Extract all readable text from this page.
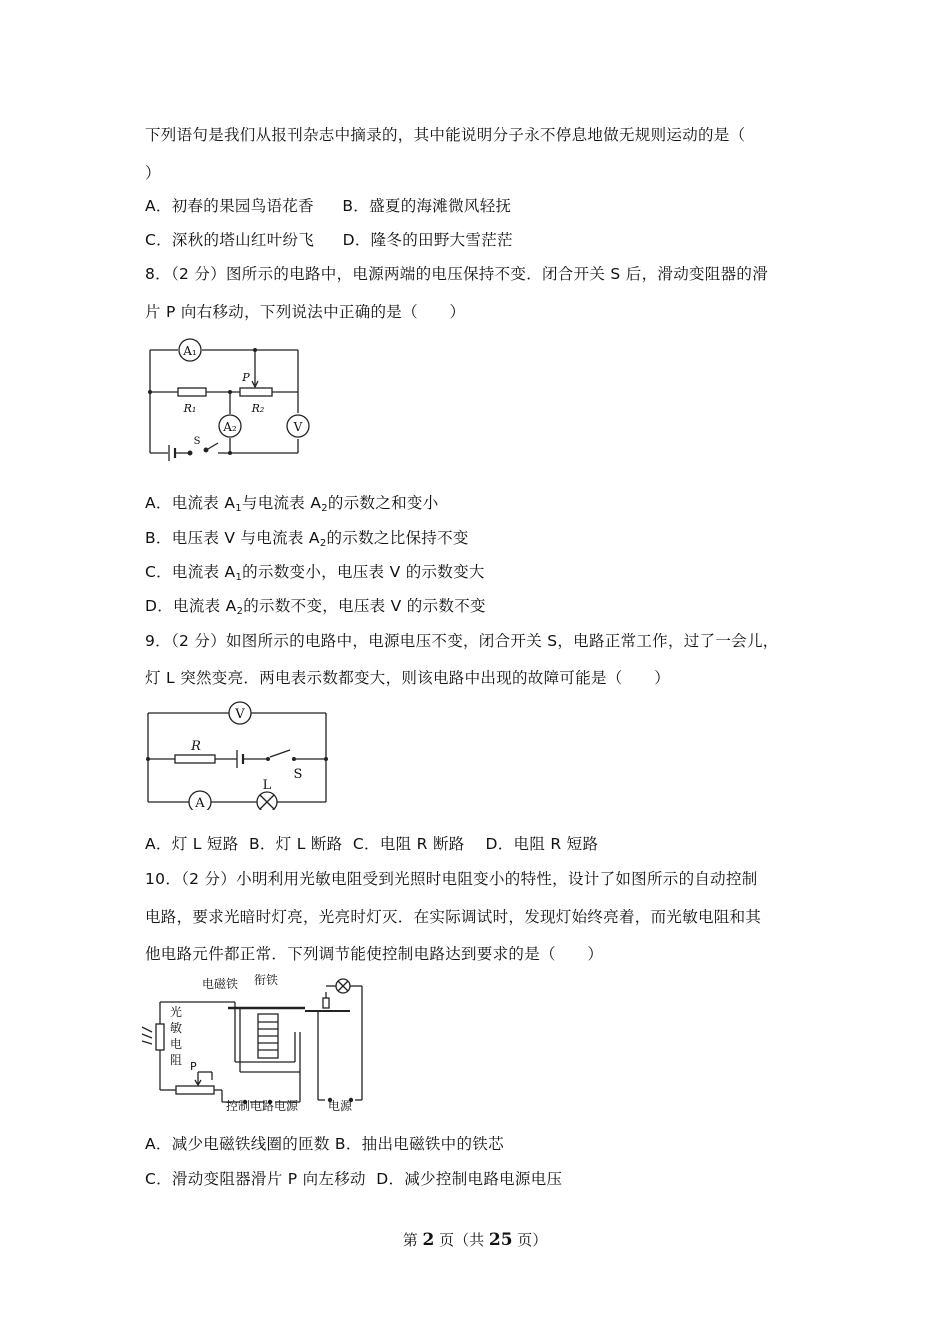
下列语句是我们从报刊杂志中摘录的，其中能说明分子永不停息地做无规则运动的是（
）
A．初春的果园鸟语花香 B．盛夏的海滩微风轻抚
C．深秋的塔山红叶纷飞 D．隆冬的田野大雪茫茫
8．（2 分）图所示的电路中，电源两端的电压保持不变．闭合开关 S 后，滑动变阻器的滑
片 P 向右移动，下列说法中正确的是（　　）
A₁
A₂	V
R₁	R₂
P
S
A．电流表 $A_1$与电流表 $A_2$的示数之和变小
B．电压表 V 与电流表 $A_2$的示数之比保持不变
C．电流表 $A_1$的示数变小，电压表 V 的示数变大
D．电流表 $A_2$的示数不变，电压表 V 的示数不变
9．（2 分）如图所示的电路中，电源电压不变，闭合开关 S，电路正常工作，过了一会儿，
灯 L 突然变亮．两电表示数都变大，则该电路中出现的故障可能是（　　）
V
A
R
L
S
A．灯 L 短路  B．灯 L 断路  C．电阻 R 断路    D．电阻 R 短路
10．（2 分）小明利用光敏电阻受到光照时电阻变小的特性，设计了如图所示的自动控制
电路，要求光暗时灯亮，光亮时灯灭．在实际调试时，发现灯始终亮着，而光敏电阻和其
他电路元件都正常．下列调节能使控制电路达到要求的是（　　）
电磁铁 衔铁
光
敏
电
阻 P
控制电路电源 电源
A．减少电磁铁线圈的匝数 B．抽出电磁铁中的铁芯
C．滑动变阻器滑片 P 向左移动  D．减少控制电路电源电压
第 2 页（共 25 页）
